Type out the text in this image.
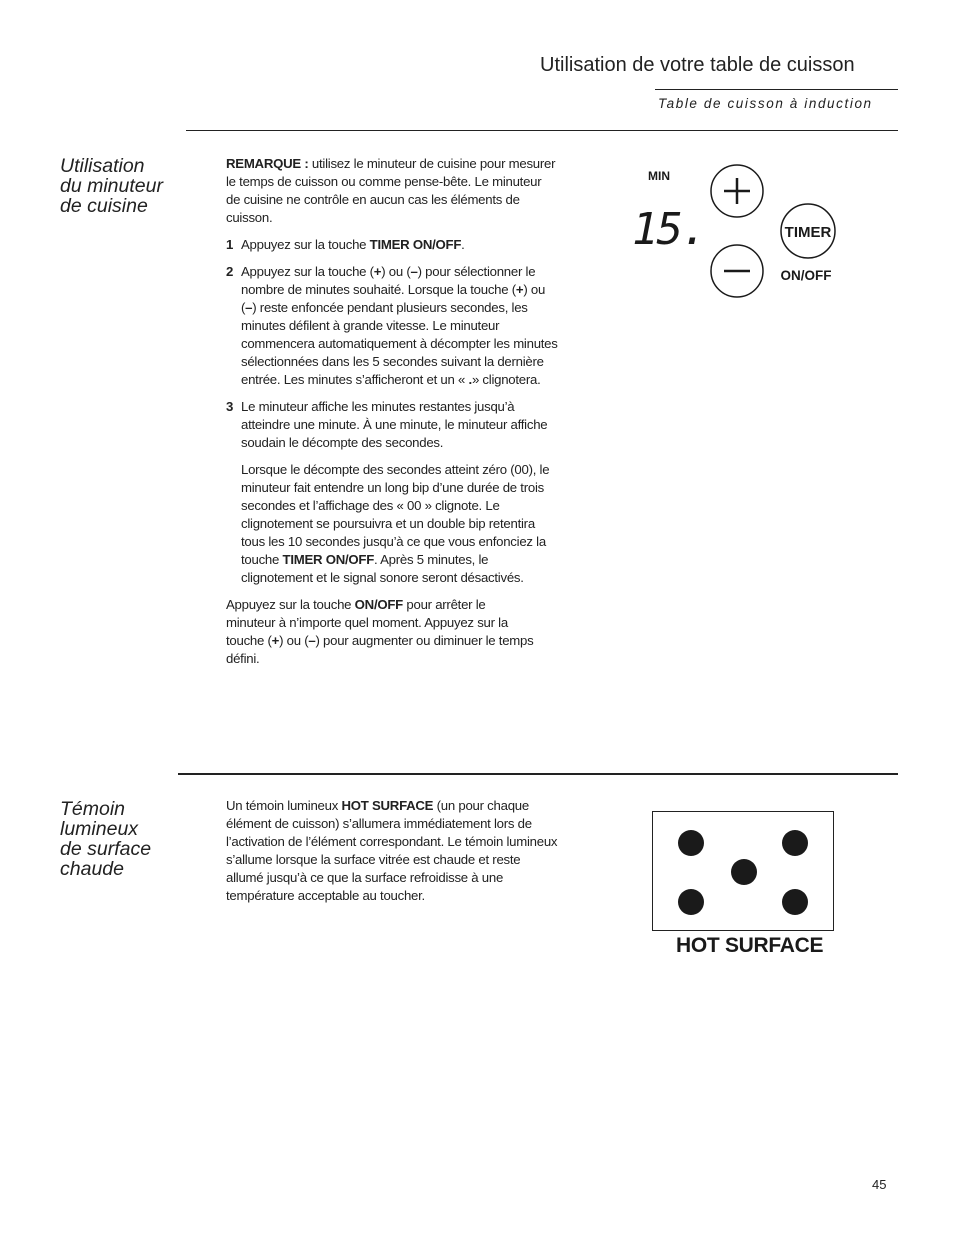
Utilisation de votre table de cuisson
Table de cuisson à induction
Utilisation
du minuteur
de cuisine

REMARQUE : utilisez le minuteur de cuisine pour mesurer le temps de cuisson ou comme pense-bête. Le minuteur de cuisine ne contrôle en aucun cas les éléments de cuisson.

1 Appuyez sur la touche TIMER ON/OFF.

2 Appuyez sur la touche (+) ou (–) pour sélectionner le nombre de minutes souhaité. Lorsque la touche (+) ou (–) reste enfoncée pendant plusieurs secondes, les minutes défilent à grande vitesse. Le minuteur commencera automatiquement à décompter les minutes sélectionnées dans les 5 secondes suivant la dernière entrée. Les minutes s’afficheront et un « .» clignotera.

3 Le minuteur affiche les minutes restantes jusqu’à atteindre une minute. À une minute, le minuteur affiche soudain le décompte des secondes.

Lorsque le décompte des secondes atteint zéro (00), le minuteur fait entendre un long bip d’une durée de trois secondes et l’affichage des « 00 » clignote. Le clignotement se poursuivra et un double bip retentira tous les 10 secondes jusqu’à ce que vous enfonciez la touche TIMER ON/OFF. Après 5 minutes, le clignotement et le signal sonore seront désactivés.

Appuyez sur la touche ON/OFF pour arrêter le minuteur à n’importe quel moment. Appuyez sur la touche (+) ou (–) pour augmenter ou diminuer le temps défini.

MIN
15.	TIMER
ON/OFF
Témoin
lumineux
de surface
chaude

Un témoin lumineux HOT SURFACE (un pour chaque élément de cuisson) s’allumera immédiatement lors de l’activation de l’élément correspondant. Le témoin lumineux s’allume lorsque la surface vitrée est chaude et reste allumé jusqu’à ce que la surface refroidisse à une température acceptable au toucher.

HOT SURFACE
45
